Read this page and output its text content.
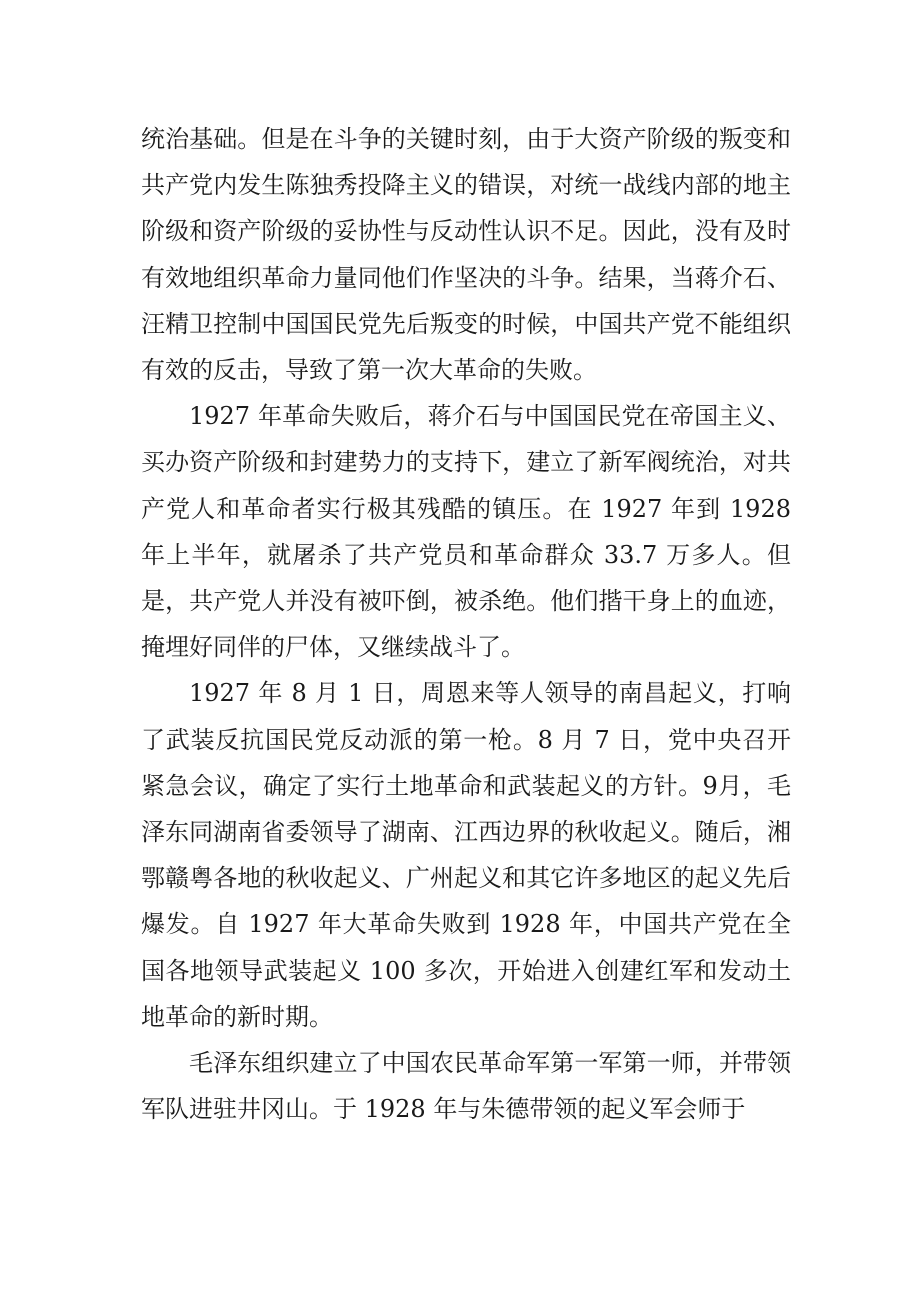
统治基础。但是在斗争的关键时刻，由于大资产阶级的叛变和共产党内发生陈独秀投降主义的错误，对统一战线内部的地主阶级和资产阶级的妥协性与反动性认识不足。因此，没有及时有效地组织革命力量同他们作坚决的斗争。结果，当蒋介石、汪精卫控制中国国民党先后叛变的时候，中国共产党不能组织有效的反击，导致了第一次大革命的失败。

1927 年革命失败后，蒋介石与中国国民党在帝国主义、买办资产阶级和封建势力的支持下，建立了新军阀统治，对共产党人和革命者实行极其残酷的镇压。在 1927 年到 1928 年上半年，就屠杀了共产党员和革命群众 33.7 万多人。但是，共产党人并没有被吓倒，被杀绝。他们揩干身上的血迹，掩埋好同伴的尸体，又继续战斗了。

1927 年 8 月 1 日，周恩来等人领导的南昌起义，打响了武装反抗国民党反动派的第一枪。8 月 7 日，党中央召开紧急会议，确定了实行土地革命和武装起义的方针。9月，毛泽东同湖南省委领导了湖南、江西边界的秋收起义。随后，湘鄂赣粤各地的秋收起义、广州起义和其它许多地区的起义先后爆发。自 1927 年大革命失败到 1928 年，中国共产党在全国各地领导武装起义 100 多次，开始进入创建红军和发动土地革命的新时期。

毛泽东组织建立了中国农民革命军第一军第一师，并带领军队进驻井冈山。于 1928 年与朱德带领的起义军会师于
